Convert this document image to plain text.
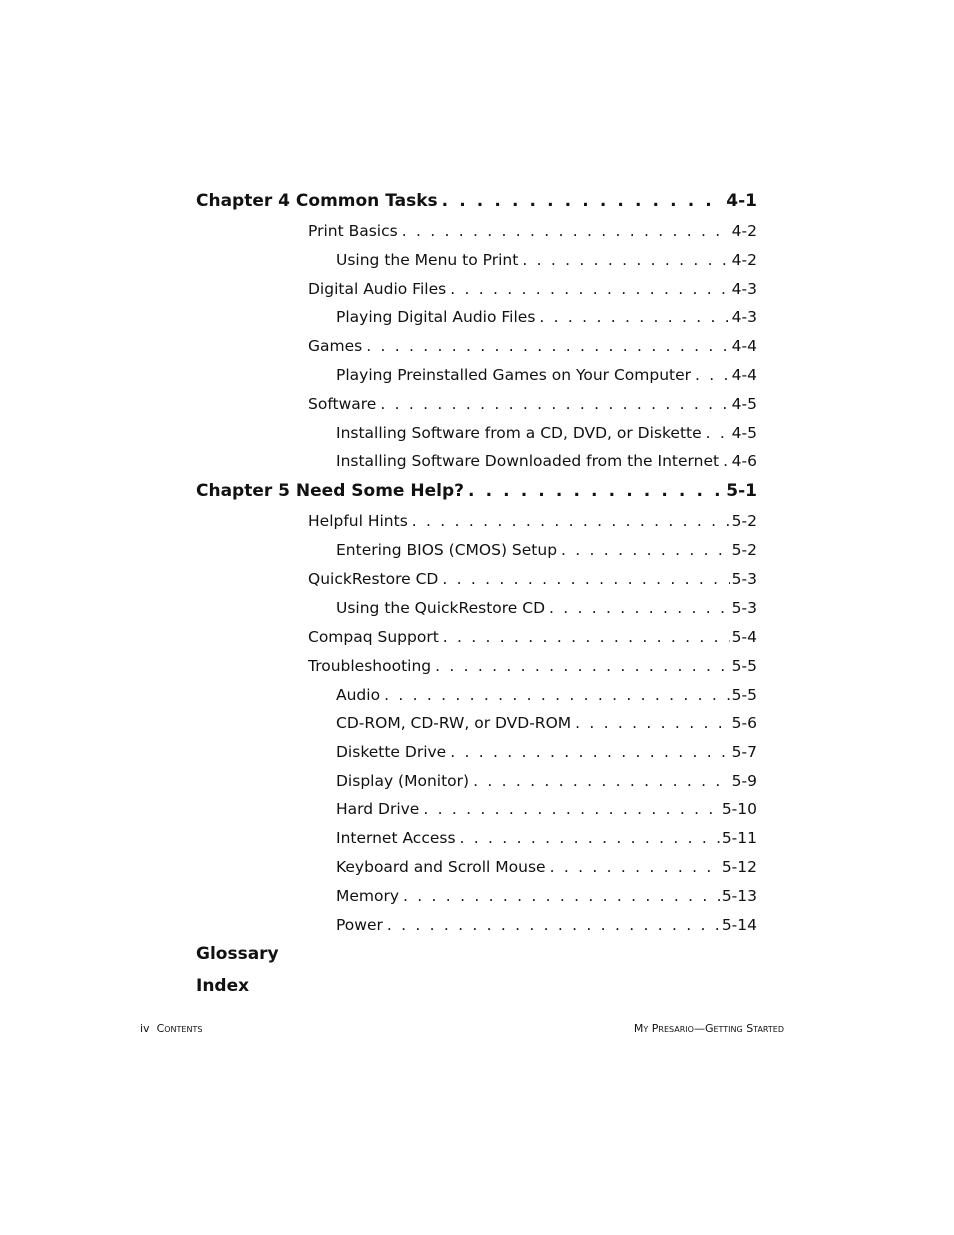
Chapter 4 Common Tasks . . .	4-1
Print Basics . . .	4-2
Using the Menu to Print . . .	4-2
Digital Audio Files . . .	4-3
Playing Digital Audio Files . . .	4-3
Games . . .	4-4
Playing Preinstalled Games on Your Computer . . .	4-4
Software . . .	4-5
Installing Software from a CD, DVD, or Diskette . . . 4-5
Installing Software Downloaded from the Internet . . . 4-6
Chapter 5 Need Some Help? . . .	5-1
Helpful Hints . . .	5-2
Entering BIOS (CMOS) Setup . . .	5-2
QuickRestore CD . . .	5-3
Using the QuickRestore CD . . .	5-3
Compaq Support . . .	5-4
Troubleshooting . . .	5-5
Audio . . .	5-5
CD-ROM, CD-RW, or DVD-ROM . . .	5-6
Diskette Drive . . .	5-7
Display (Monitor) . . .	5-9
Hard Drive . . .	5-10
Internet Access . . .	5-11
Keyboard and Scroll Mouse . . .	5-12
Memory . . .	5-13
Power . . .	5-14
Glossary
Index
iv Contents	My Presario—Getting Started
